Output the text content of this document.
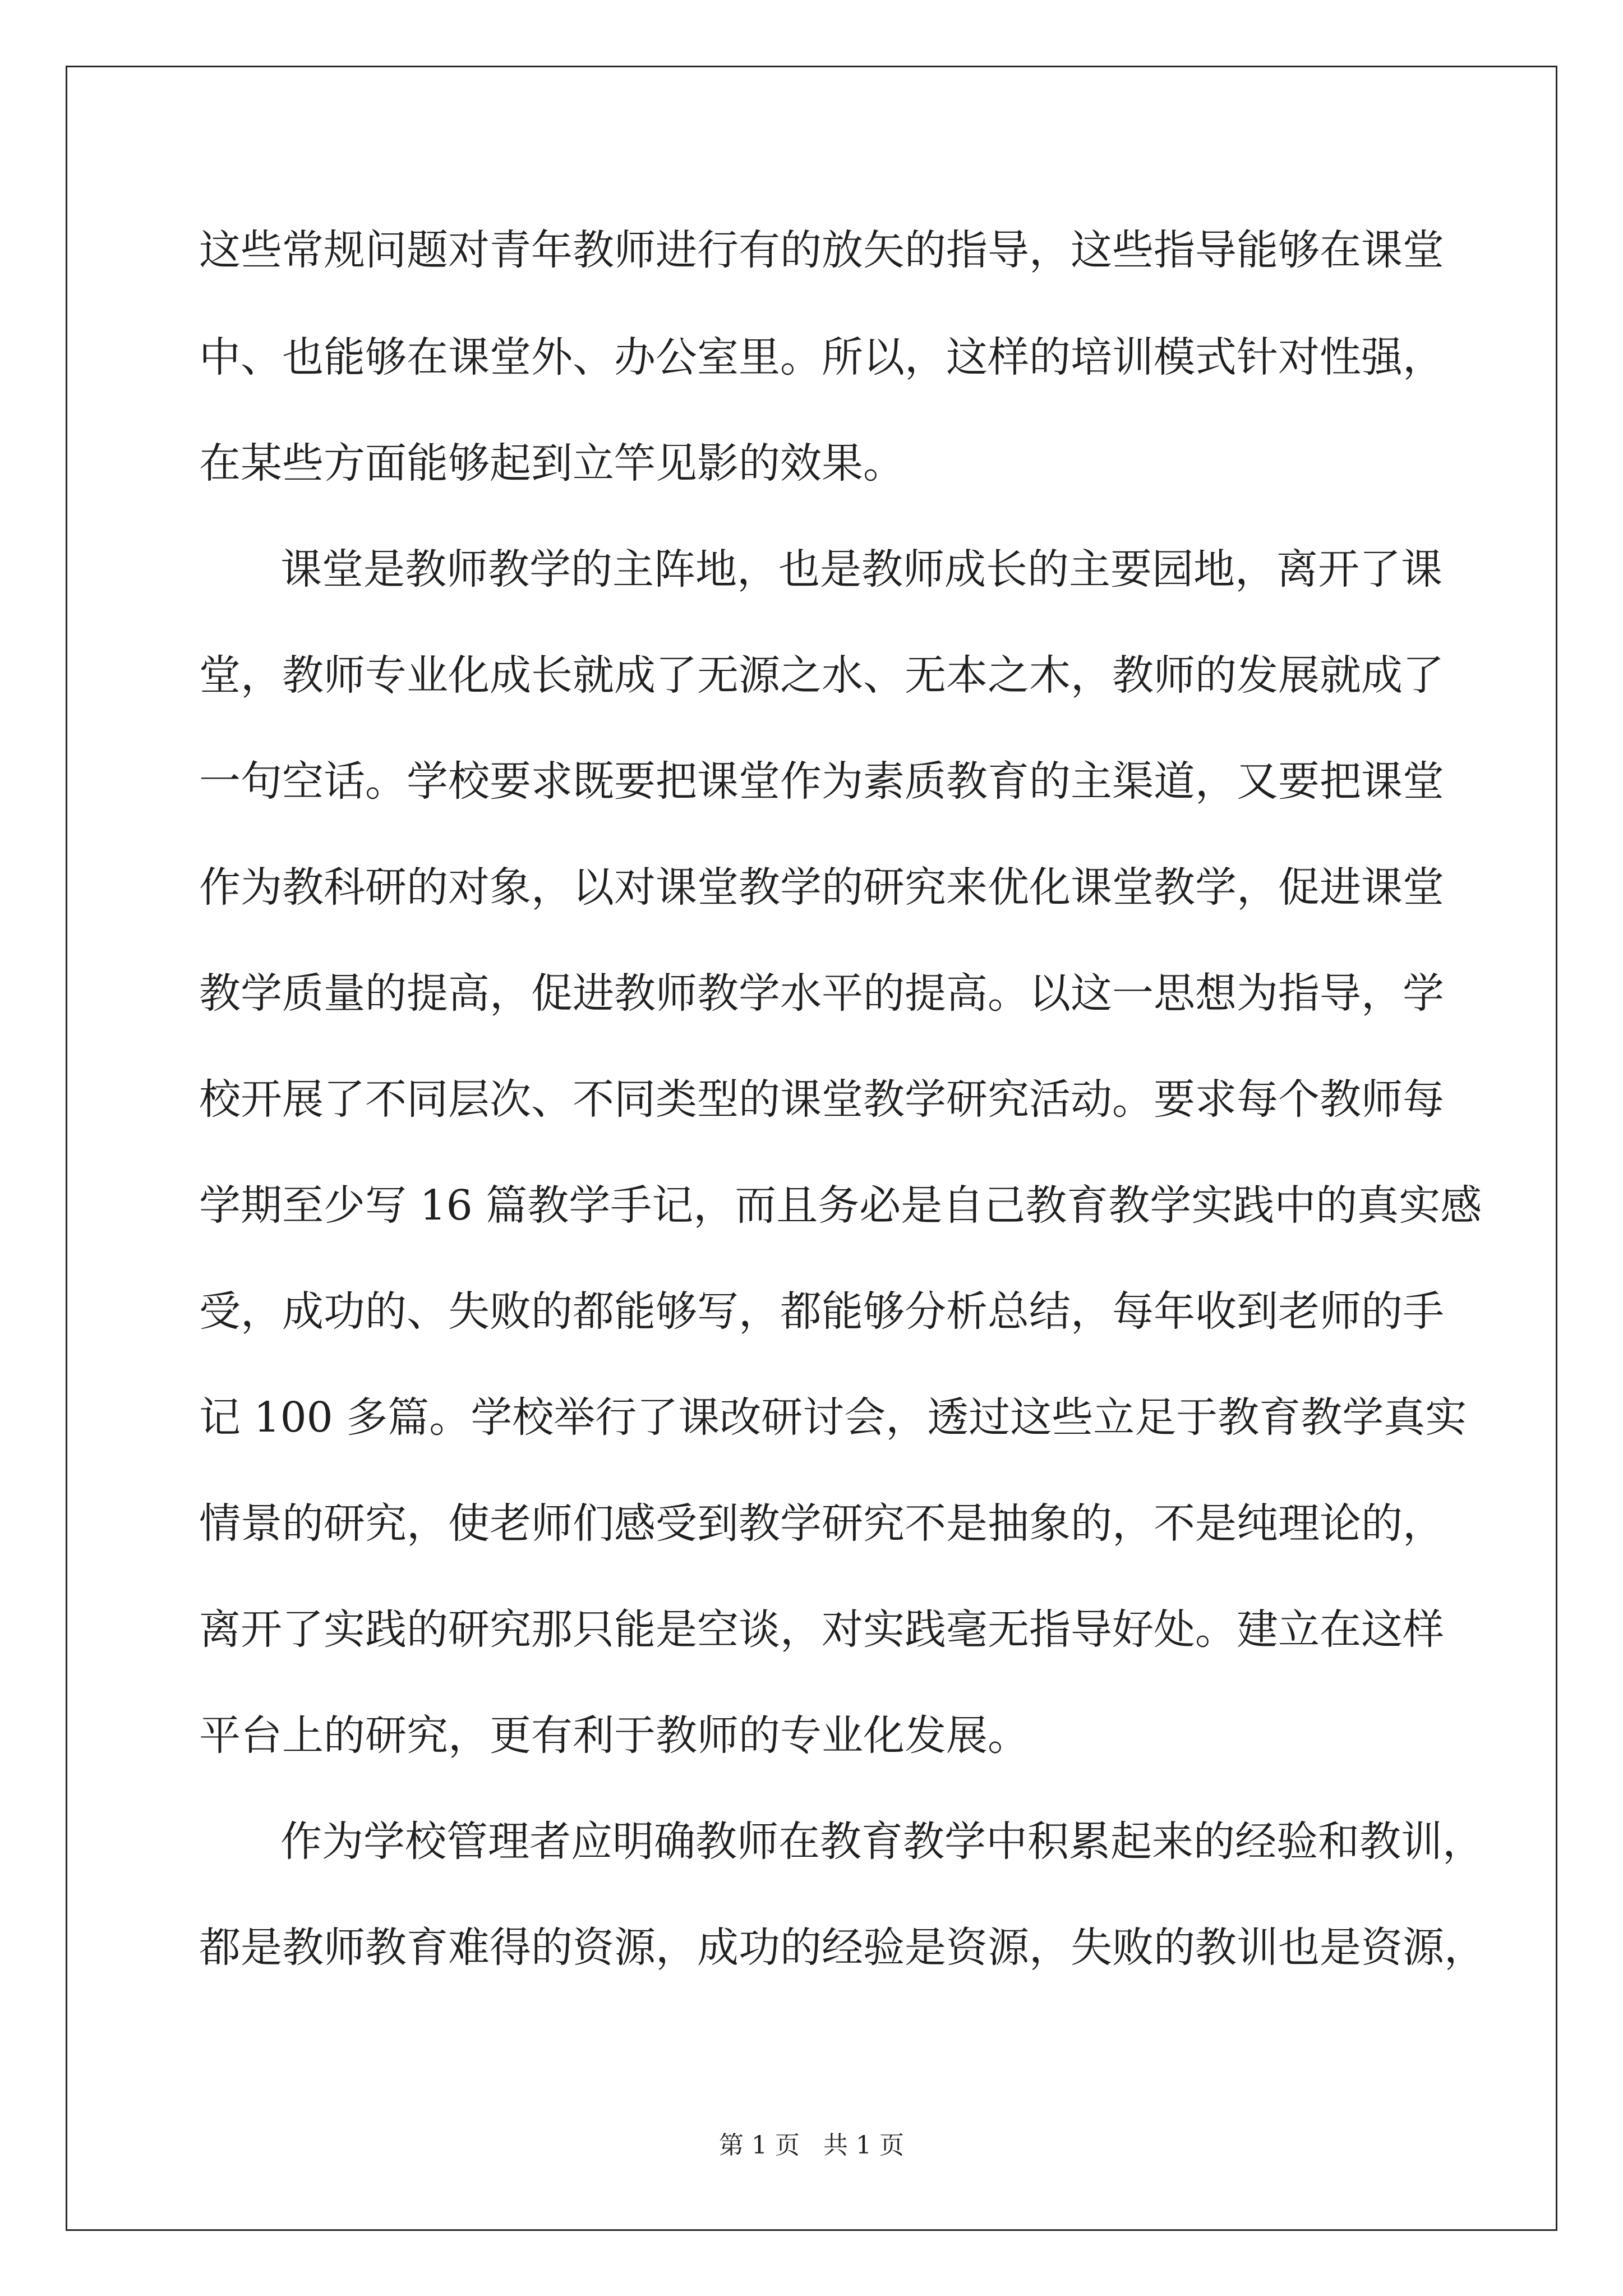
这些常规问题对青年教师进行有的放矢的指导，这些指导能够在课堂

中、也能够在课堂外、办公室里。所以，这样的培训模式针对性强，

在某些方面能够起到立竿见影的效果。

课堂是教师教学的主阵地，也是教师成长的主要园地，离开了课

堂，教师专业化成长就成了无源之水、无本之木，教师的发展就成了

一句空话。学校要求既要把课堂作为素质教育的主渠道，又要把课堂

作为教科研的对象，以对课堂教学的研究来优化课堂教学，促进课堂

教学质量的提高，促进教师教学水平的提高。以这一思想为指导，学

校开展了不同层次、不同类型的课堂教学研究活动。要求每个教师每

学期至少写 16 篇教学手记，而且务必是自己教育教学实践中的真实感

受，成功的、失败的都能够写，都能够分析总结，每年收到老师的手

记 100 多篇。学校举行了课改研讨会，透过这些立足于教育教学真实

情景的研究，使老师们感受到教学研究不是抽象的，不是纯理论的，

离开了实践的研究那只能是空谈，对实践毫无指导好处。建立在这样

平台上的研究，更有利于教师的专业化发展。

作为学校管理者应明确教师在教育教学中积累起来的经验和教训，

都是教师教育难得的资源，成功的经验是资源，失败的教训也是资源，

第 1 页   共 1 页
